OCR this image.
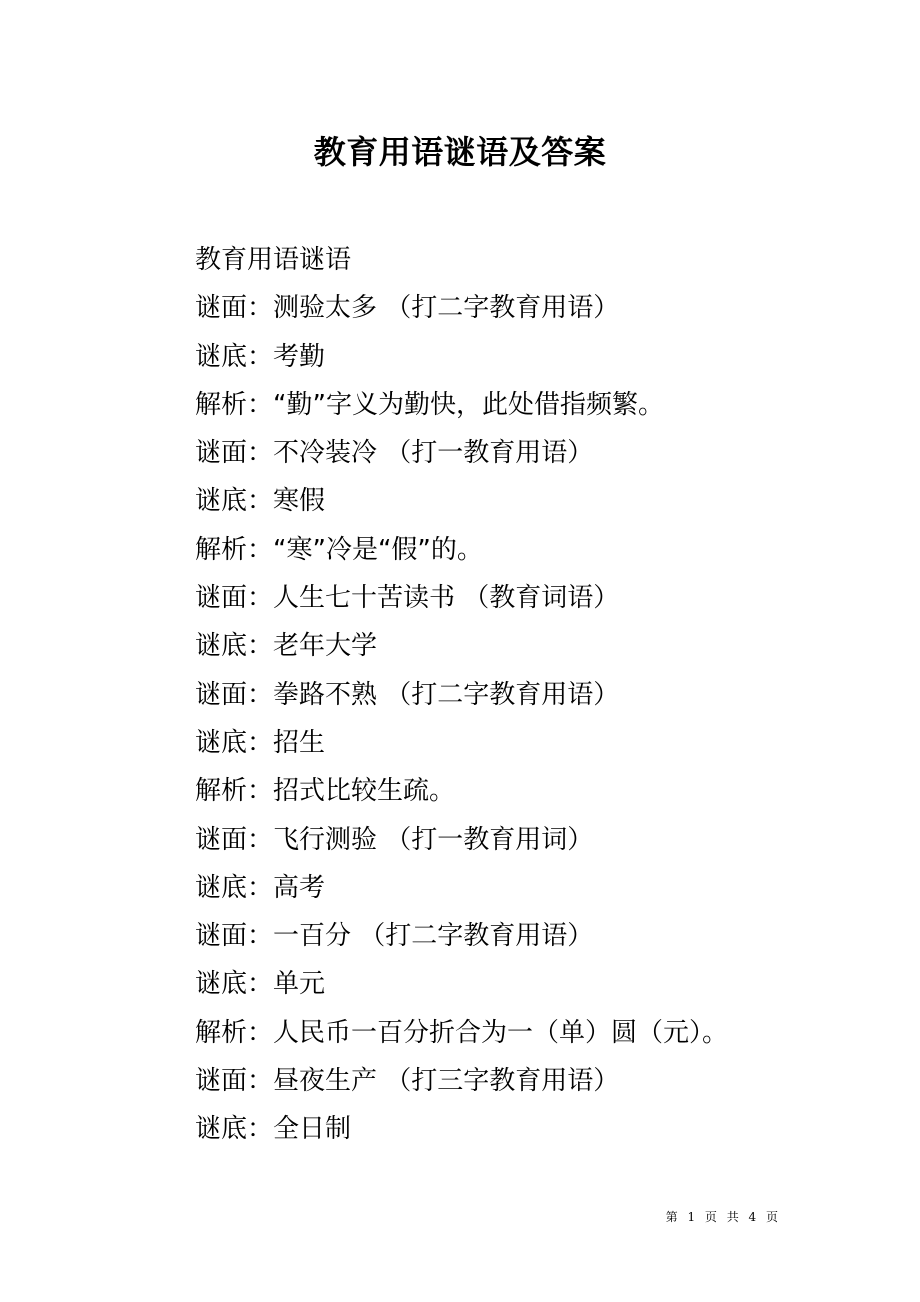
教育用语谜语及答案
教育用语谜语
谜面：测验太多 （打二字教育用语）
谜底：考勤
解析：“勤”字义为勤快，此处借指频繁。
谜面：不冷装冷 （打一教育用语）
谜底：寒假
解析：“寒”冷是“假”的。
谜面：人生七十苦读书 （教育词语）
谜底：老年大学
谜面：拳路不熟 （打二字教育用语）
谜底：招生
解析：招式比较生疏。
谜面：飞行测验 （打一教育用词）
谜底：高考
谜面：一百分 （打二字教育用语）
谜底：单元
解析：人民币一百分折合为一（单）圆（元）。
谜面：昼夜生产 （打三字教育用语）
谜底：全日制
第 1 页 共 4 页
